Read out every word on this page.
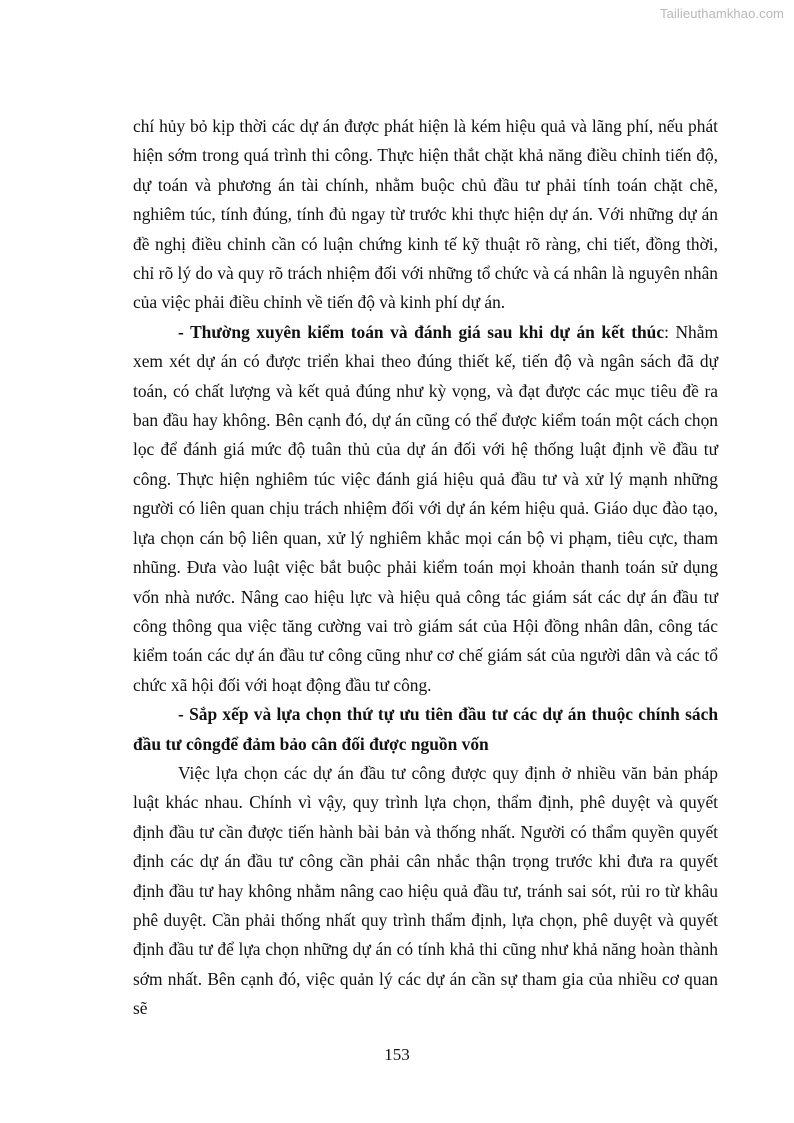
Tailieuthamkhao.com

chí hủy bỏ kịp thời các dự án được phát hiện là kém hiệu quả và lãng phí, nếu phát hiện sớm trong quá trình thi công. Thực hiện thắt chặt khả năng điều chỉnh tiến độ, dự toán và phương án tài chính, nhằm buộc chủ đầu tư phải tính toán chặt chẽ, nghiêm túc, tính đúng, tính đủ ngay từ trước khi thực hiện dự án. Với những dự án đề nghị điều chỉnh cần có luận chứng kinh tế kỹ thuật rõ ràng, chi tiết, đồng thời, chỉ rõ lý do và quy rõ trách nhiệm đối với những tổ chức và cá nhân là nguyên nhân của việc phải điều chỉnh về tiến độ và kinh phí dự án.

- Thường xuyên kiểm toán và đánh giá sau khi dự án kết thúc: Nhằm xem xét dự án có được triển khai theo đúng thiết kế, tiến độ và ngân sách đã dự toán, có chất lượng và kết quả đúng như kỳ vọng, và đạt được các mục tiêu đề ra ban đầu hay không. Bên cạnh đó, dự án cũng có thể được kiểm toán một cách chọn lọc để đánh giá mức độ tuân thủ của dự án đối với hệ thống luật định về đầu tư công. Thực hiện nghiêm túc việc đánh giá hiệu quả đầu tư và xử lý mạnh những người có liên quan chịu trách nhiệm đối với dự án kém hiệu quả. Giáo dục đào tạo, lựa chọn cán bộ liên quan, xử lý nghiêm khắc mọi cán bộ vi phạm, tiêu cực, tham nhũng. Đưa vào luật việc bắt buộc phải kiểm toán mọi khoản thanh toán sử dụng vốn nhà nước. Nâng cao hiệu lực và hiệu quả công tác giám sát các dự án đầu tư công thông qua việc tăng cường vai trò giám sát của Hội đồng nhân dân, công tác kiểm toán các dự án đầu tư công cũng như cơ chế giám sát của người dân và các tổ chức xã hội đối với hoạt động đầu tư công.

- Sắp xếp và lựa chọn thứ tự ưu tiên đầu tư các dự án thuộc chính sách đầu tư côngđể đảm bảo cân đối được nguồn vốn

Việc lựa chọn các dự án đầu tư công được quy định ở nhiều văn bản pháp luật khác nhau. Chính vì vậy, quy trình lựa chọn, thẩm định, phê duyệt và quyết định đầu tư cần được tiến hành bài bản và thống nhất. Người có thẩm quyền quyết định các dự án đầu tư công cần phải cân nhắc thận trọng trước khi đưa ra quyết định đầu tư hay không nhằm nâng cao hiệu quả đầu tư, tránh sai sót, rủi ro từ khâu phê duyệt. Cần phải thống nhất quy trình thẩm định, lựa chọn, phê duyệt và quyết định đầu tư để lựa chọn những dự án có tính khả thi cũng như khả năng hoàn thành sớm nhất. Bên cạnh đó, việc quản lý các dự án cần sự tham gia của nhiều cơ quan sẽ

153
